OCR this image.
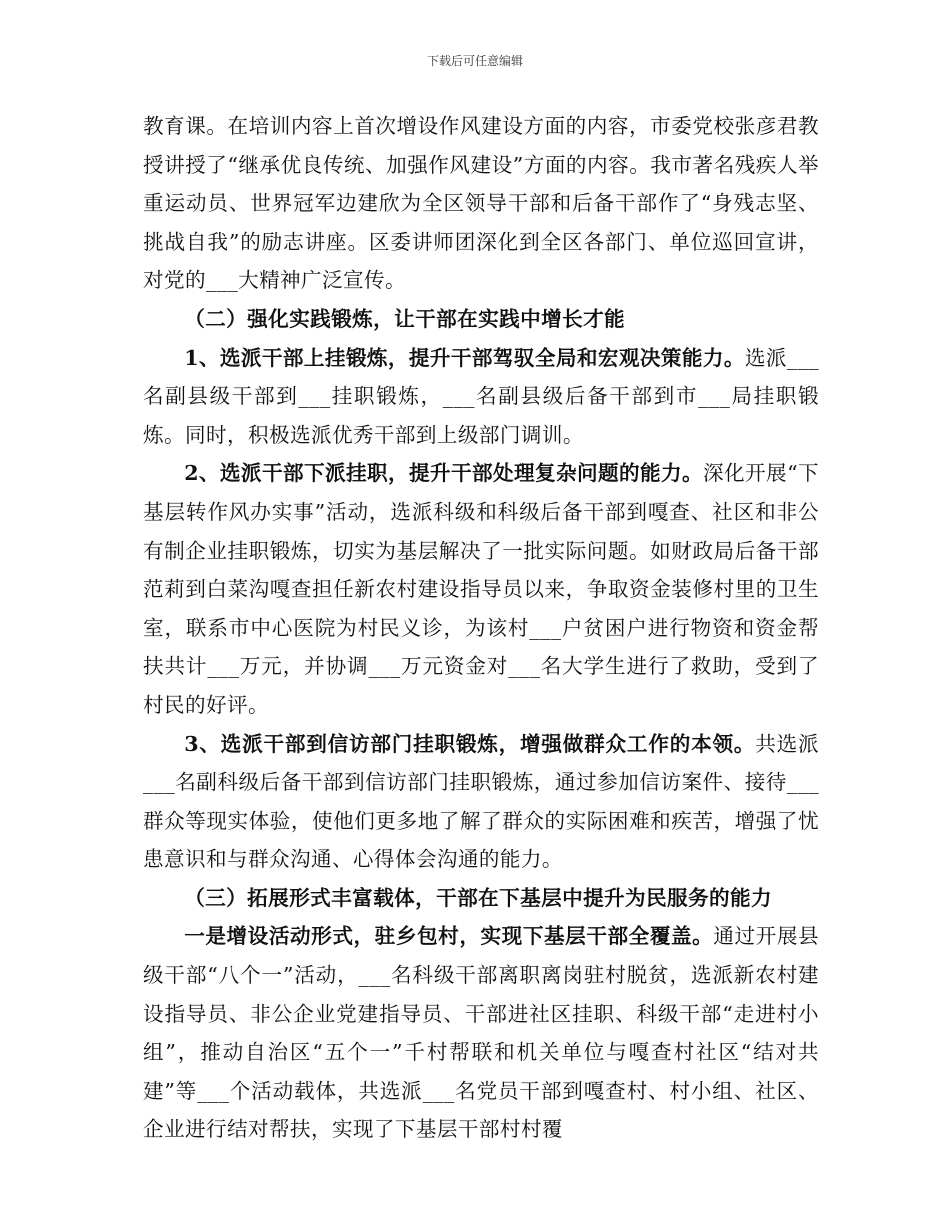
下载后可任意编辑

教育课。在培训内容上首次增设作风建设方面的内容，市委党校张彦君教授讲授了“继承优良传统、加强作风建设”方面的内容。我市著名残疾人举重运动员、世界冠军边建欣为全区领导干部和后备干部作了“身残志坚、挑战自我”的励志讲座。区委讲师团深化到全区各部门、单位巡回宣讲，对党的___大精神广泛宣传。

（二）强化实践锻炼，让干部在实践中增长才能

1、选派干部上挂锻炼，提升干部驾驭全局和宏观决策能力。选派___名副县级干部到___挂职锻炼，___名副县级后备干部到市___局挂职锻炼。同时，积极选派优秀干部到上级部门调训。

2、选派干部下派挂职，提升干部处理复杂问题的能力。深化开展“下基层转作风办实事”活动，选派科级和科级后备干部到嘎查、社区和非公有制企业挂职锻炼，切实为基层解决了一批实际问题。如财政局后备干部范莉到白菜沟嘎查担任新农村建设指导员以来，争取资金装修村里的卫生室，联系市中心医院为村民义诊，为该村___户贫困户进行物资和资金帮扶共计___万元，并协调___万元资金对___名大学生进行了救助，受到了村民的好评。

3、选派干部到信访部门挂职锻炼，增强做群众工作的本领。共选派___名副科级后备干部到信访部门挂职锻炼，通过参加信访案件、接待___群众等现实体验，使他们更多地了解了群众的实际困难和疾苦，增强了忧患意识和与群众沟通、心得体会沟通的能力。

（三）拓展形式丰富载体，干部在下基层中提升为民服务的能力

一是增设活动形式，驻乡包村，实现下基层干部全覆盖。通过开展县级干部“八个一”活动，___名科级干部离职离岗驻村脱贫，选派新农村建设指导员、非公企业党建指导员、干部进社区挂职、科级干部“走进村小组”，推动自治区“五个一”千村帮联和机关单位与嘎查村社区“结对共建”等___个活动载体，共选派___名党员干部到嘎查村、村小组、社区、企业进行结对帮扶，实现了下基层干部村村覆
